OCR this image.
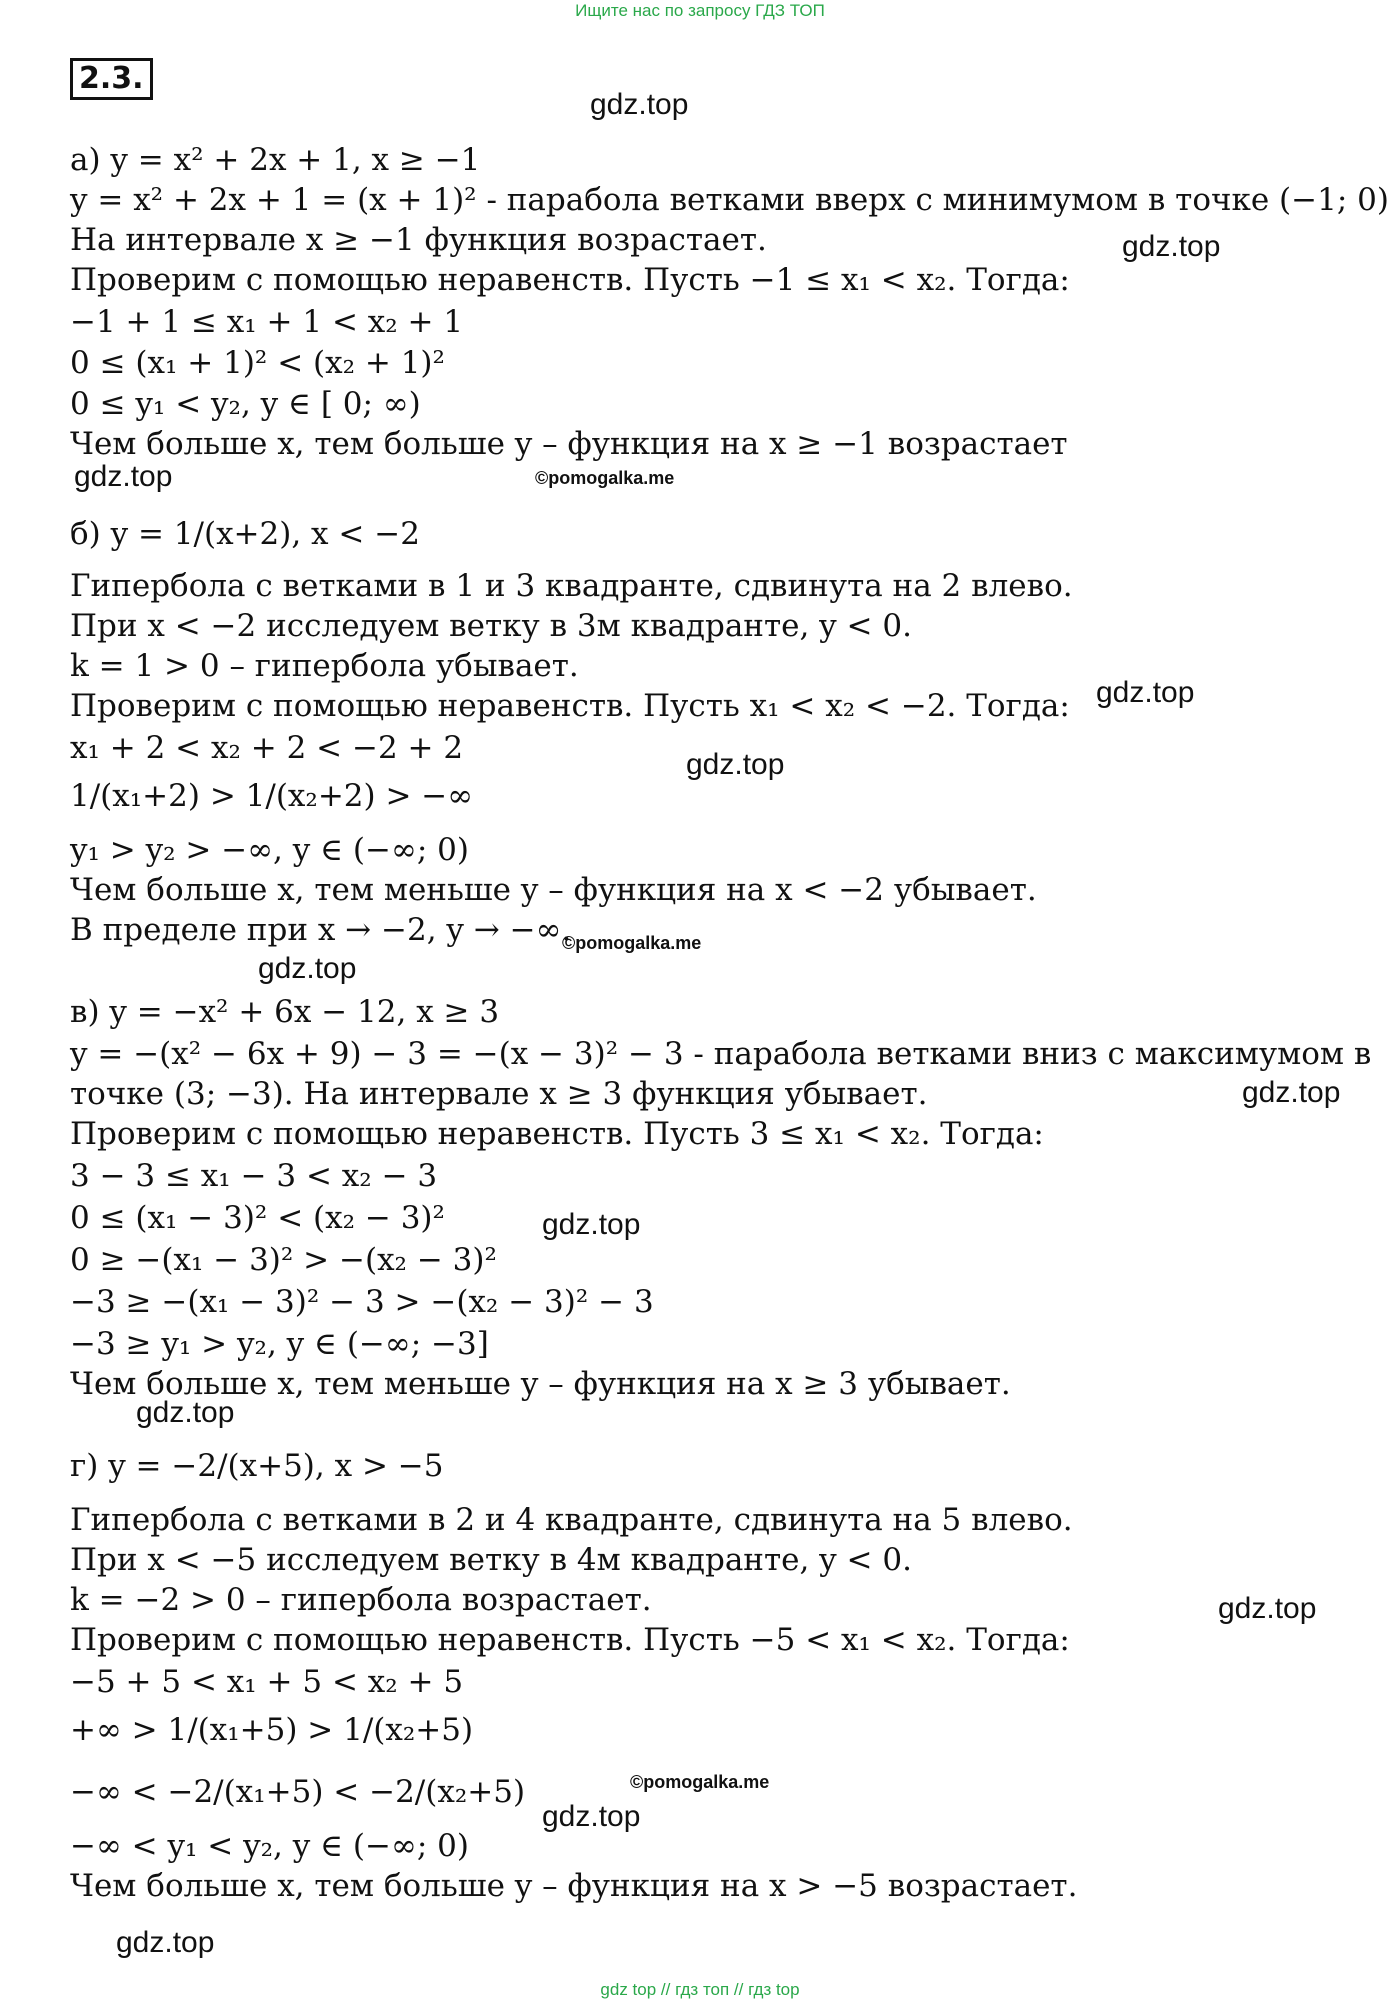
Ищите нас по запросу ГДЗ ТОП
2.3.
gdz.top
gdz.top
gdz.top
gdz.top
gdz.top
gdz.top
gdz.top
gdz.top
gdz.top
gdz.top
gdz.top
gdz.top
©pomogalka.me
©pomogalka.me
©pomogalka.me
а) y = x² + 2x + 1, x ≥ −1
y = x² + 2x + 1 = (x + 1)² - парабола ветками вверх с минимумом в точке (−1; 0)
На интервале x ≥ −1 функция возрастает.
Проверим с помощью неравенств. Пусть −1 ≤ x₁ < x₂. Тогда:
−1 + 1 ≤ x₁ + 1 < x₂ + 1
0 ≤ (x₁ + 1)² < (x₂ + 1)²
0 ≤ y₁ < y₂, y ∈ [ 0; ∞)
Чем больше x, тем больше y – функция на x ≥ −1 возрастает
б) y = 1/(x+2), x < −2
Гипербола с ветками в 1 и 3 квадранте, сдвинута на 2 влево.
При x < −2 исследуем ветку в 3м квадранте, y < 0.
k = 1 > 0 – гипербола убывает.
Проверим с помощью неравенств. Пусть x₁ < x₂ < −2. Тогда:
x₁ + 2 < x₂ + 2 < −2 + 2
1/(x₁+2) > 1/(x₂+2) > −∞
y₁ > y₂ > −∞, y ∈ (−∞; 0)
Чем больше x, тем меньше y – функция на x < −2 убывает.
В пределе при x → −2, y → −∞.
в) y = −x² + 6x − 12, x ≥ 3
y = −(x² − 6x + 9) − 3 = −(x − 3)² − 3 - парабола ветками вниз с максимумом в
точке (3; −3). На интервале x ≥ 3 функция убывает.
Проверим с помощью неравенств. Пусть 3 ≤ x₁ < x₂. Тогда:
3 − 3 ≤ x₁ − 3 < x₂ − 3
0 ≤ (x₁ − 3)² < (x₂ − 3)²
0 ≥ −(x₁ − 3)² > −(x₂ − 3)²
−3 ≥ −(x₁ − 3)² − 3 > −(x₂ − 3)² − 3
−3 ≥ y₁ > y₂, y ∈ (−∞; −3]
Чем больше x, тем меньше y – функция на x ≥ 3 убывает.
г) y = −2/(x+5), x > −5
Гипербола с ветками в 2 и 4 квадранте, сдвинута на 5 влево.
При x < −5 исследуем ветку в 4м квадранте, y < 0.
k = −2 > 0 – гипербола возрастает.
Проверим с помощью неравенств. Пусть −5 < x₁ < x₂. Тогда:
−5 + 5 < x₁ + 5 < x₂ + 5
+∞ > 1/(x₁+5) > 1/(x₂+5)
−∞ < −2/(x₁+5) < −2/(x₂+5)
−∞ < y₁ < y₂, y ∈ (−∞; 0)
Чем больше x, тем больше y – функция на x > −5 возрастает.
gdz top // гдз топ // гдз top
